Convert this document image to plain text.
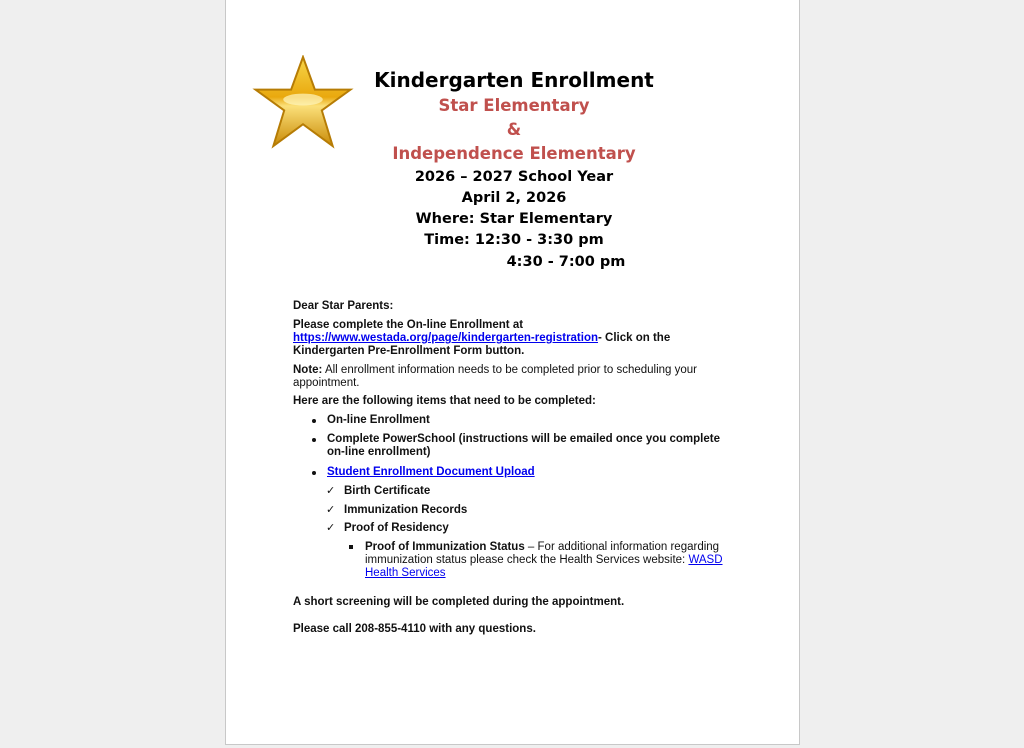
Kindergarten Enrollment
Star Elementary
&
Independence Elementary
2026 – 2027 School Year
April 2, 2026
Where: Star Elementary
Time: 12:30 - 3:30 pm
4:30 - 7:00 pm
Dear Star Parents:
Please complete the On-line Enrollment at
https://www.westada.org/page/kindergarten-registration- Click on the
Kindergarten Pre-Enrollment Form button.
Note: All enrollment information needs to be completed prior to scheduling your
appointment.
Here are the following items that need to be completed:
On-line Enrollment
Complete PowerSchool (instructions will be emailed once you complete
on-line enrollment)
Student Enrollment Document Upload
✓ Birth Certificate
✓ Immunization Records
✓ Proof of Residency
Proof of Immunization Status – For additional information regarding
immunization status please check the Health Services website: WASD
Health Services
A short screening will be completed during the appointment.
Please call 208-855-4110 with any questions.
